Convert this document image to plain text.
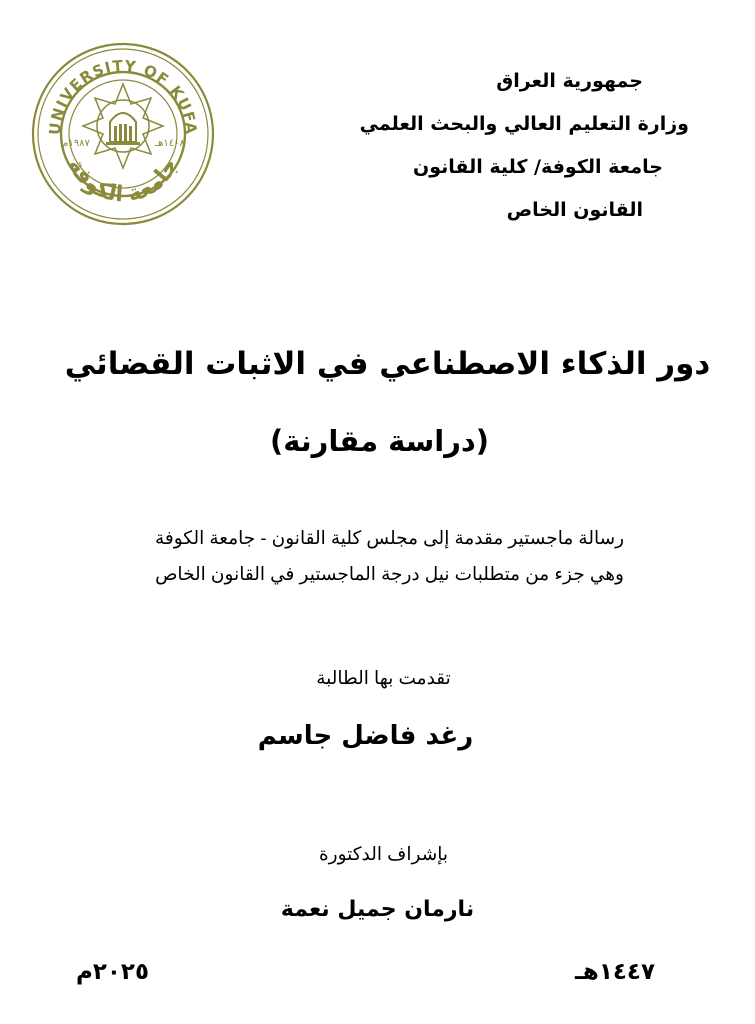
UNIVERSITY OF KUFA
جامعة الكوفة
١٩٨٧م	١٤٠٨هـ
جمهورية العراق
وزارة التعليم العالي والبحث العلمي
جامعة الكوفة/ كلية القانون
القانون الخاص
دور الذكاء الاصطناعي في الاثبات القضائي
(دراسة مقارنة)
رسالة ماجستير مقدمة إلى مجلس كلية القانون - جامعة الكوفة
وهي جزء من متطلبات نيل درجة الماجستير في القانون الخاص
تقدمت بها الطالبة
رغد فاضل جاسم
بإشراف الدكتورة
نارمان جميل نعمة
١٤٤٧هـ
٢٠٢٥م
